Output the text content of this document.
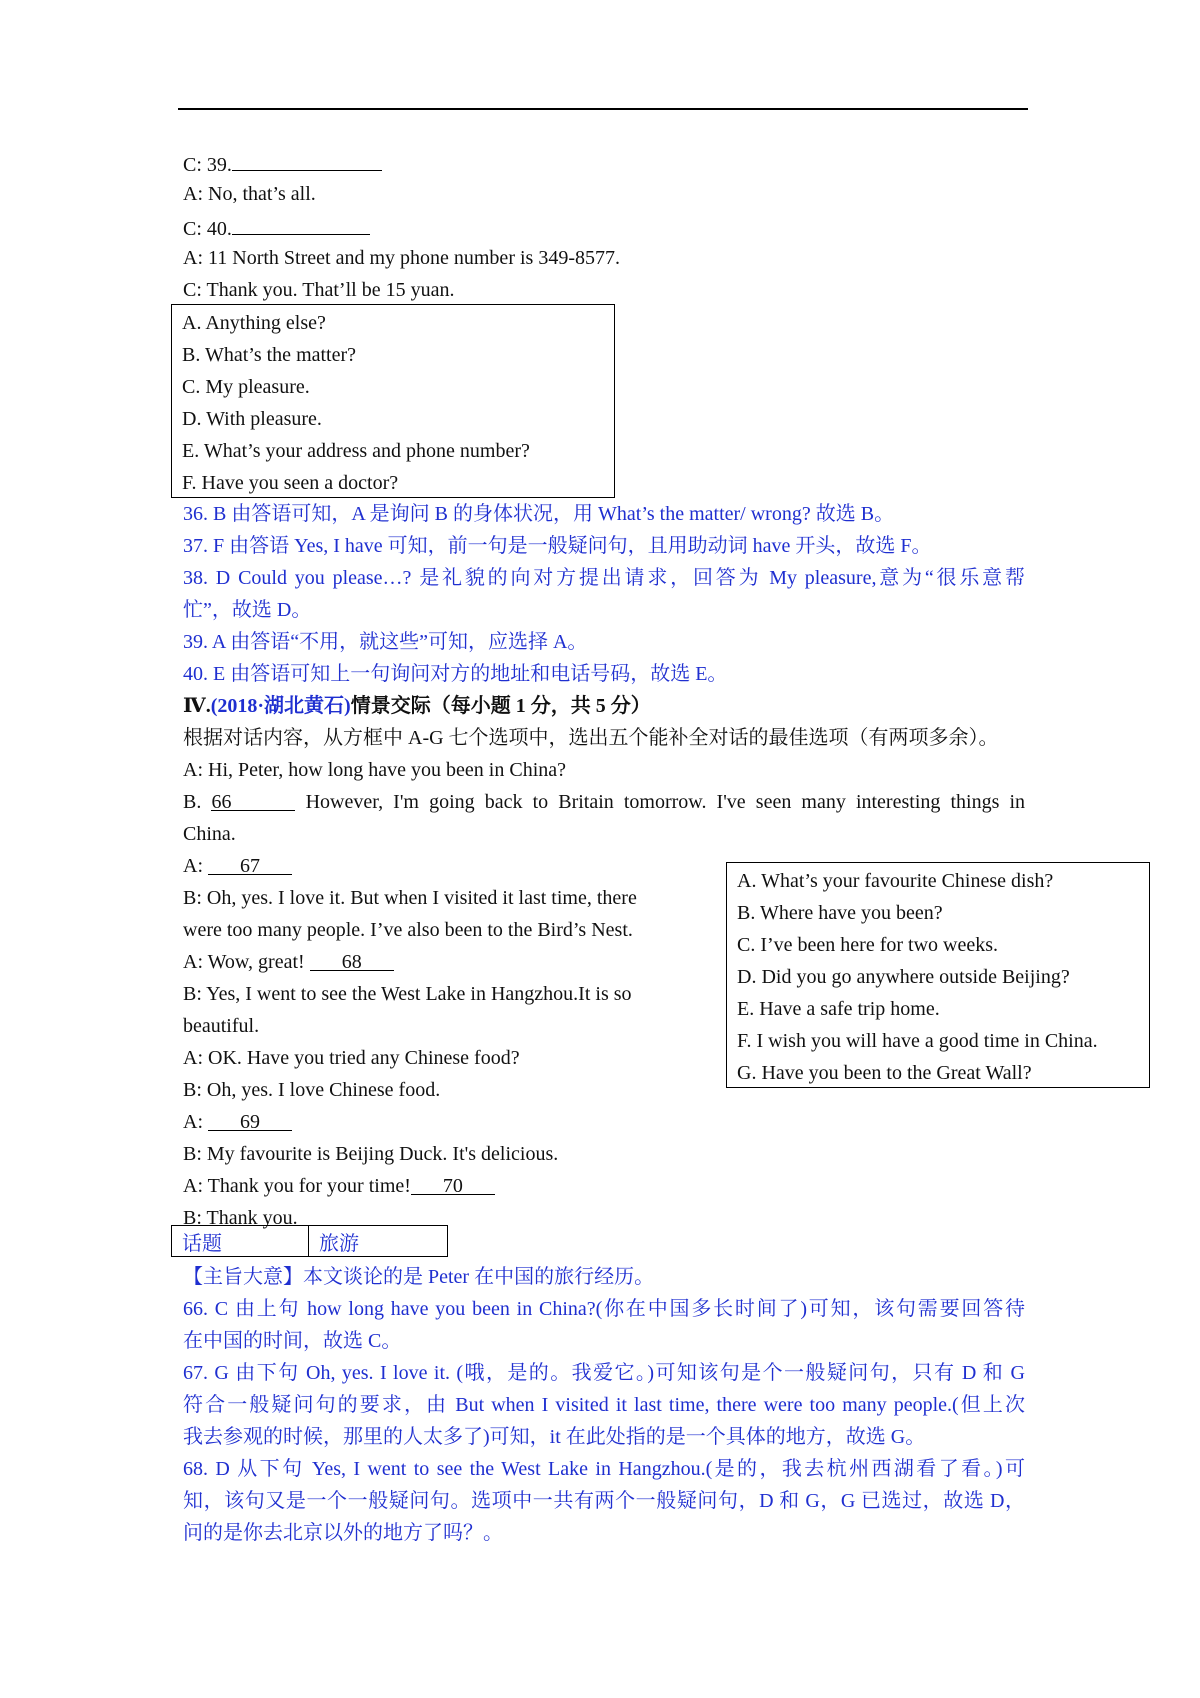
C: 39.
A: No, that’s all.
C: 40.
A: 11 North Street and my phone number is 349-8577.
C: Thank you. That’ll be 15 yuan.
A. Anything else?
B. What’s the matter?
C. My pleasure.
D. With pleasure.
E. What’s your address and phone number?
F. Have you seen a doctor?
36. B 由答语可知，A 是询问 B 的身体状况，用 What’s the matter/ wrong? 故选 B。
37. F 由答语 Yes, I have 可知，前一句是一般疑问句，且用助动词 have 开头，故选 F。
38. D Could you please…? 是礼貌的向对方提出请求，回答为 My pleasure,意为“很乐意帮
忙”，故选 D。
39. A 由答语“不用，就这些”可知，应选择 A。
40. E 由答语可知上一句询问对方的地址和电话号码，故选 E。
Ⅳ.(2018·湖北黄石)情景交际（每小题 1 分，共 5 分）
根据对话内容，从方框中 A-G 七个选项中，选出五个能补全对话的最佳选项（有两项多余）。
A: Hi, Peter, how long have you been in China?
B. 66	However, I'm going back to Britain tomorrow. I've seen many interesting things in
China.
A: 67
B: Oh, yes. I love it. But when I visited it last time, there
were too many people. I’ve also been to the Bird’s Nest.
A: Wow, great! 68
B: Yes, I went to see the West Lake in Hangzhou.It is so
beautiful.
A: OK. Have you tried any Chinese food?
B: Oh, yes. I love Chinese food.
A: 69
B: My favourite is Beijing Duck. It's delicious.
A: Thank you for your time! 70
B: Thank you.
A. What’s your favourite Chinese dish?
B. Where have you been?
C. I’ve been here for two weeks.
D. Did you go anywhere outside Beijing?
E. Have a safe trip home.
F. I wish you will have a good time in China.
G. Have you been to the Great Wall?
话题	旅游
【主旨大意】本文谈论的是 Peter 在中国的旅行经历。
66. C 由上句 how long have you been in China?(你在中国多长时间了)可知，该句需要回答待
在中国的时间，故选 C。
67. G 由下句 Oh, yes. I love it. (哦，是的。我爱它。)可知该句是个一般疑问句，只有 D 和 G
符合一般疑问句的要求，由 But when I visited it last time, there were too many people.(但上次
我去参观的时候，那里的人太多了)可知，it 在此处指的是一个具体的地方，故选 G。
68. D 从下句 Yes, I went to see the West Lake in Hangzhou.(是的，我去杭州西湖看了看。)可
知，该句又是一个一般疑问句。选项中一共有两个一般疑问句，D 和 G，G 已选过，故选 D，
问的是你去北京以外的地方了吗？。
